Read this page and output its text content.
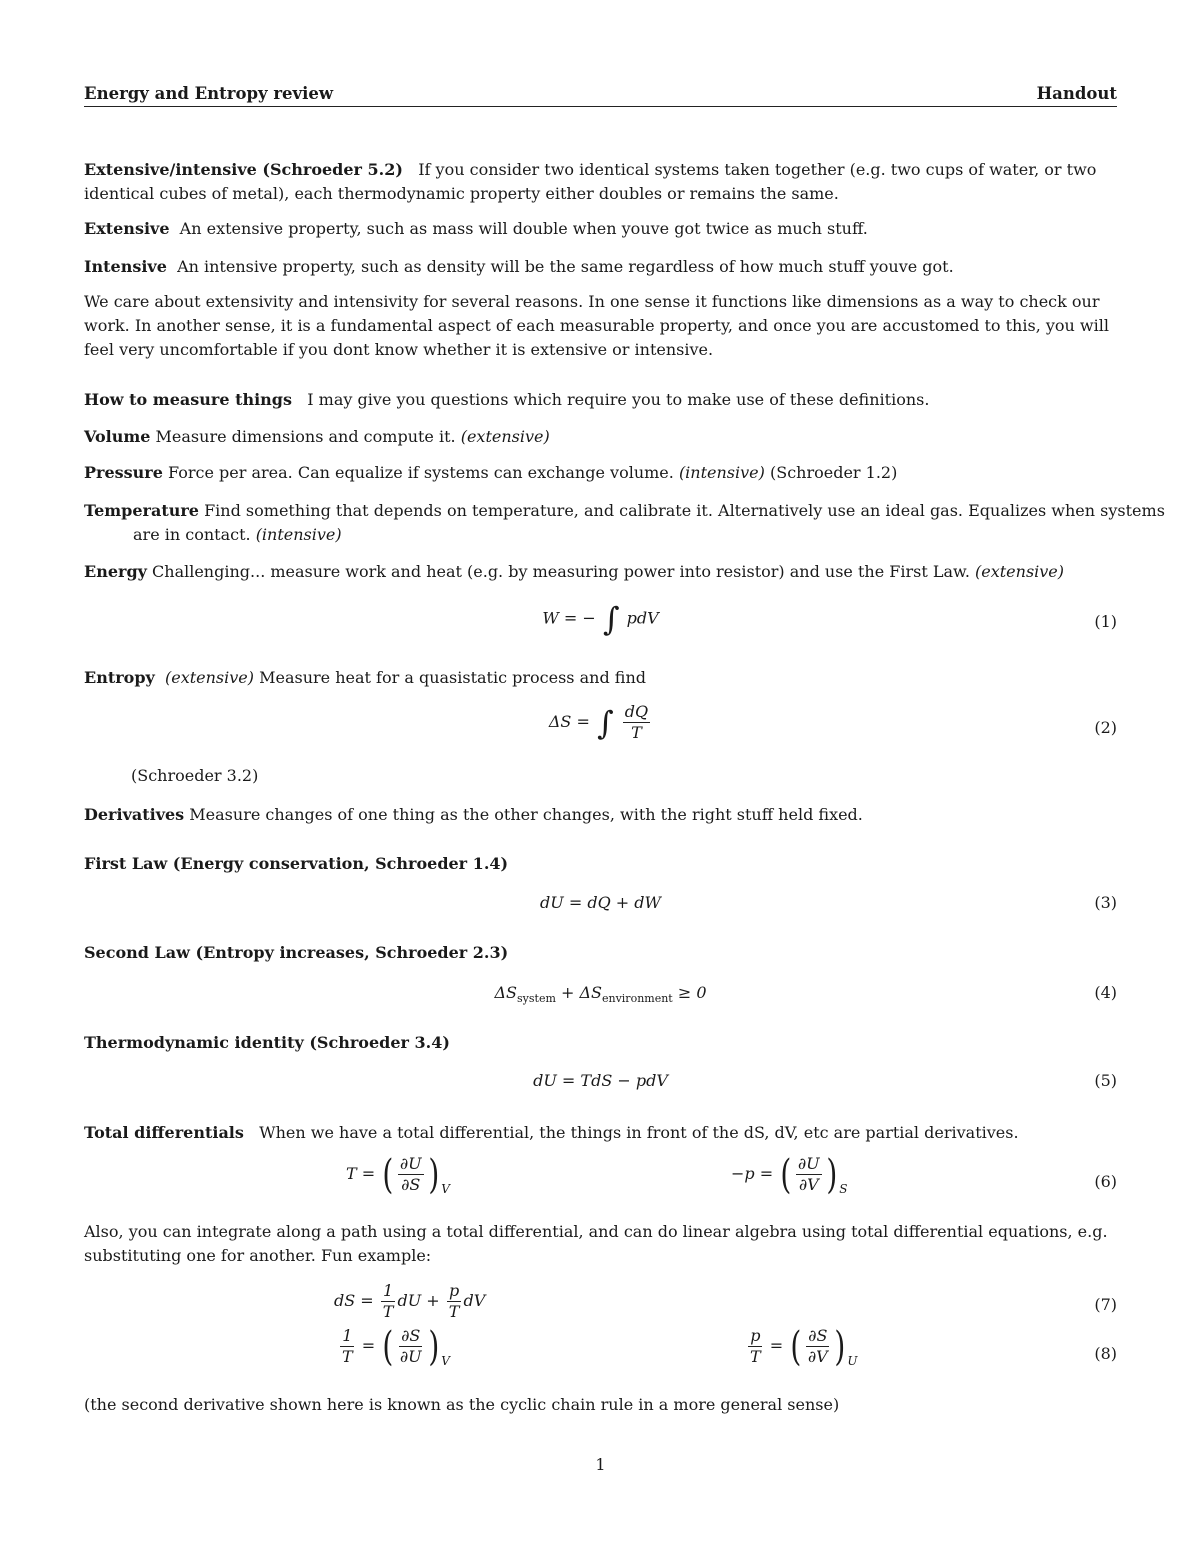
Energy and Entropy review	Handout
Extensive/intensive (Schroeder 5.2) If you consider two identical systems taken together (e.g. two cups of water, or two identical cubes of metal), each thermodynamic property either doubles or remains the same.
Extensive An extensive property, such as mass will double when youve got twice as much stuff.
Intensive An intensive property, such as density will be the same regardless of how much stuff youve got.
We care about extensivity and intensivity for several reasons. In one sense it functions like dimensions as a way to check our work. In another sense, it is a fundamental aspect of each measurable property, and once you are accustomed to this, you will feel very uncomfortable if you dont know whether it is extensive or intensive.
How to measure things I may give you questions which require you to make use of these definitions.
Volume Measure dimensions and compute it. (extensive)
Pressure Force per area. Can equalize if systems can exchange volume. (intensive) (Schroeder 1.2)
Temperature Find something that depends on temperature, and calibrate it. Alternatively use an ideal gas. Equalizes when systems are in contact. (intensive)
Energy Challenging... measure work and heat (e.g. by measuring power into resistor) and use the First Law. (extensive)
W = − ∫ pdV	(1)
Entropy (extensive) Measure heat for a quasistatic process and find
ΔS = ∫ $\frac{dQ}{T}$	(2)
(Schroeder 3.2)
Derivatives Measure changes of one thing as the other changes, with the right stuff held fixed.
First Law (Energy conservation, Schroeder 1.4)
dU = dQ + dW	(3)
Second Law (Entropy increases, Schroeder 2.3)
$\Delta S_{system} + \Delta S_{environment} \ge 0$	(4)
Thermodynamic identity (Schroeder 3.4)
dU = TdS − pdV	(5)
Total differentials When we have a total differential, the things in front of the dS, dV, etc are partial derivatives.
T = ( $\frac{\partial U}{\partial S}$ ) $_V$
−p = ( $\frac{\partial U}{\partial V}$ ) $_S$	(6)
Also, you can integrate along a path using a total differential, and can do linear algebra using total differential equations, e.g. substituting one for another. Fun example:
dS = $\frac{1}{T}$ dU + $\frac{p}{T}$ dV	(7)
$\frac{1}{T}$ = ( $\frac{\partial S}{\partial U}$ ) $_V$	$\frac{p}{T}$ = ( $\frac{\partial S}{\partial V}$ ) $_U$	(8)
(the second derivative shown here is known as the cyclic chain rule in a more general sense)
1
